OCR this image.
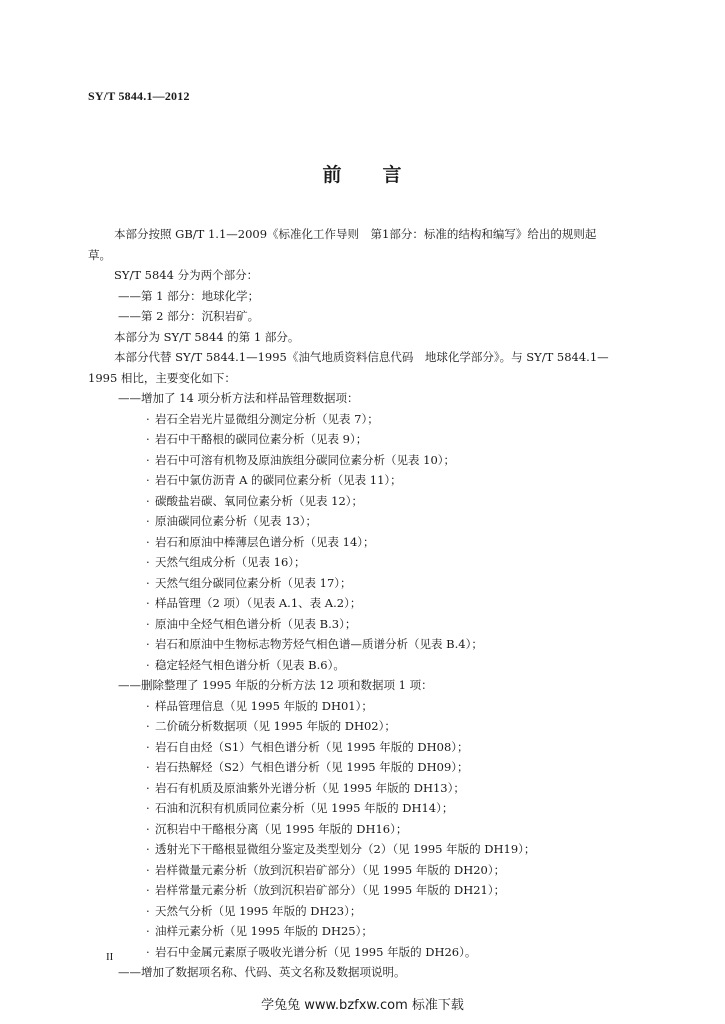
SY/T 5844.1—2012
前　　言
本部分按照 GB/T 1.1—2009《标准化工作导则　第1部分：标准的结构和编写》给出的规则起
草。
SY/T 5844 分为两个部分：
——第 1 部分：地球化学；
——第 2 部分：沉积岩矿。
本部分为 SY/T 5844 的第 1 部分。
本部分代替 SY/T 5844.1—1995《油气地质资料信息代码　地球化学部分》。与 SY/T 5844.1—
1995 相比，主要变化如下：
——增加了 14 项分析方法和样品管理数据项：
· 岩石全岩光片显微组分测定分析（见表 7）；
· 岩石中干酪根的碳同位素分析（见表 9）；
· 岩石中可溶有机物及原油族组分碳同位素分析（见表 10）；
· 岩石中氯仿沥青 A 的碳同位素分析（见表 11）；
· 碳酸盐岩碳、氧同位素分析（见表 12）；
· 原油碳同位素分析（见表 13）；
· 岩石和原油中棒薄层色谱分析（见表 14）；
· 天然气组成分析（见表 16）；
· 天然气组分碳同位素分析（见表 17）；
· 样品管理（2 项）（见表 A.1、表 A.2）；
· 原油中全烃气相色谱分析（见表 B.3）；
· 岩石和原油中生物标志物芳烃气相色谱—质谱分析（见表 B.4）；
· 稳定轻烃气相色谱分析（见表 B.6）。
——删除整理了 1995 年版的分析方法 12 项和数据项 1 项：
· 样品管理信息（见 1995 年版的 DH01）；
· 二价硫分析数据项（见 1995 年版的 DH02）；
· 岩石自由烃（S1）气相色谱分析（见 1995 年版的 DH08）；
· 岩石热解烃（S2）气相色谱分析（见 1995 年版的 DH09）；
· 岩石有机质及原油紫外光谱分析（见 1995 年版的 DH13）；
· 石油和沉积有机质同位素分析（见 1995 年版的 DH14）；
· 沉积岩中干酪根分离（见 1995 年版的 DH16）；
· 透射光下干酪根显微组分鉴定及类型划分（2）（见 1995 年版的 DH19）；
· 岩样微量元素分析（放到沉积岩矿部分）（见 1995 年版的 DH20）；
· 岩样常量元素分析（放到沉积岩矿部分）（见 1995 年版的 DH21）；
· 天然气分析（见 1995 年版的 DH23）；
· 油样元素分析（见 1995 年版的 DH25）；
· 岩石中金属元素原子吸收光谱分析（见 1995 年版的 DH26）。
——增加了数据项名称、代码、英文名称及数据项说明。
II
学兔兔 www.bzfxw.com 标准下载
